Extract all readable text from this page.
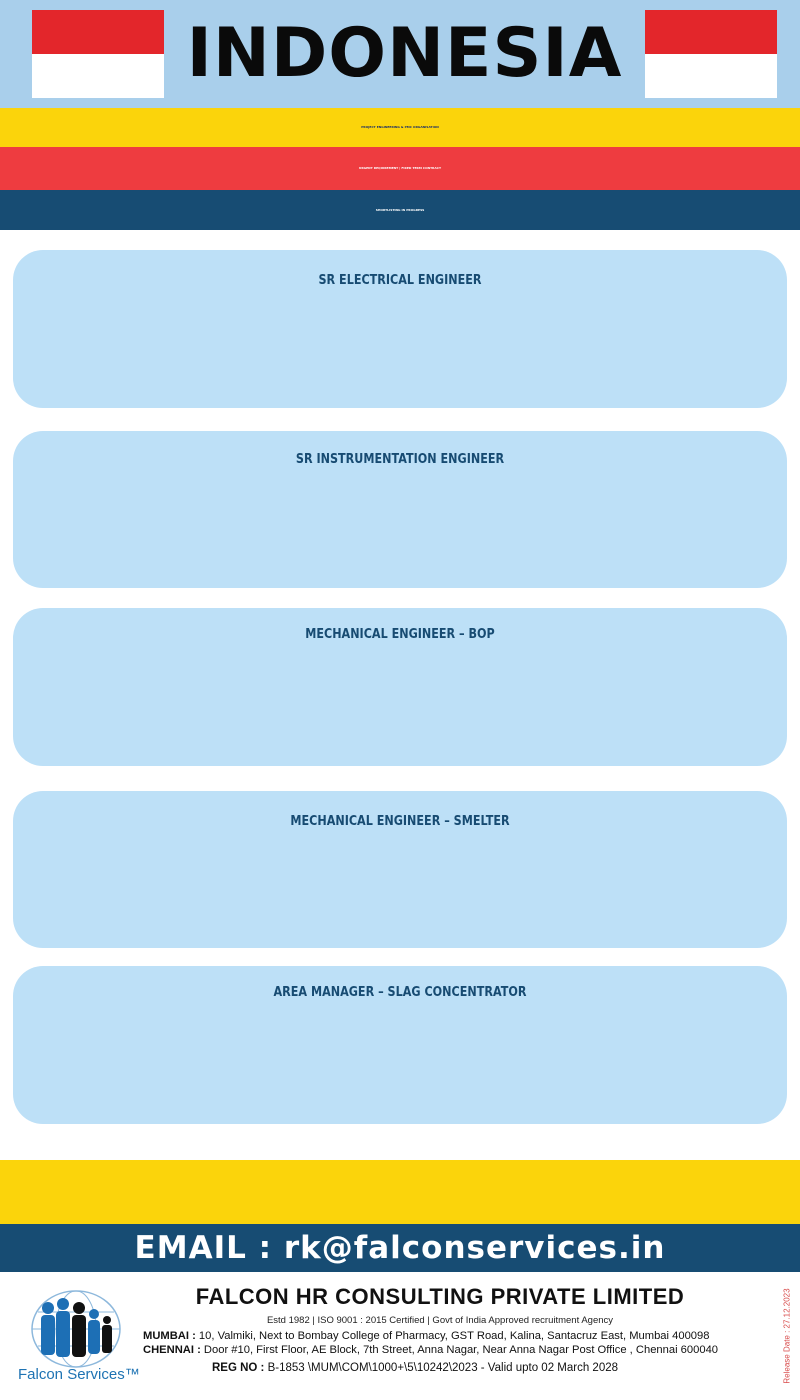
INDONESIA
PROJECT ENGINEERING & PMC ORGANISATION
URGENT REQUIREMENT | FIXED TERM CONTRACT
SHORTLISTING IN PROGRESS
SR ELECTRICAL ENGINEER
SR INSTRUMENTATION ENGINEER
MECHANICAL ENGINEER – BOP
MECHANICAL ENGINEER – SMELTER
AREA MANAGER – SLAG CONCENTRATOR
EMAIL : rk@falconservices.in
Falcon Services™
FALCON HR CONSULTING PRIVATE LIMITED
Estd 1982 | ISO 9001 : 2015 Certified | Govt of India Approved recruitment Agency
MUMBAI : 10, Valmiki, Next to Bombay College of Pharmacy, GST Road, Kalina, Santacruz East, Mumbai 400098
CHENNAI : Door #10, First Floor, AE Block, 7th Street, Anna Nagar, Near Anna Nagar Post Office , Chennai 600040
REG NO : B-1853 \MUM\COM\1000+\5\10242\2023 - Valid upto 02 March 2028	Release Date : 27.12.2023
